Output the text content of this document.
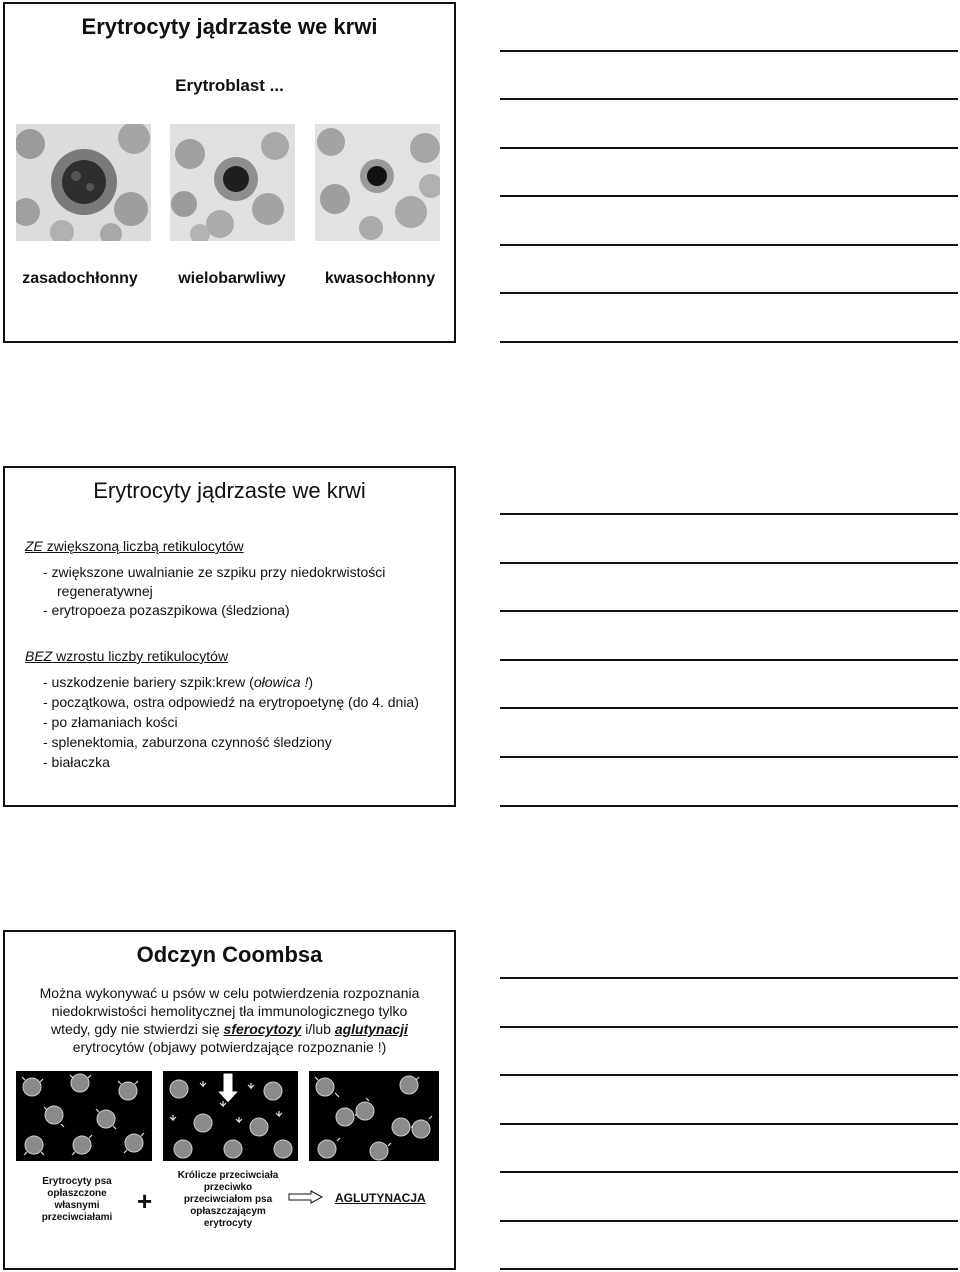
Erytrocyty jądrzaste we krwi
Erytroblast ...
zasadochłonny	wielobarwliwy	kwasochłonny
Erytrocyty jądrzaste we krwi
ZE zwiększoną liczbą retikulocytów
- zwiększone uwalnianie ze szpiku przy niedokrwistości
regeneratywnej
- erytropoeza pozaszpikowa (śledziona)
BEZ wzrostu liczby retikulocytów
- uszkodzenie bariery szpik:krew (ołowica !)
- początkowa, ostra odpowiedź na erytropoetynę (do 4. dnia)
- po złamaniach kości
- splenektomia, zaburzona czynność śledziony
- białaczka
Odczyn Coombsa
Można wykonywać u psów w celu potwierdzenia rozpoznania
niedokrwistości hemolitycznej tła immunologicznego tylko
wtedy, gdy nie stwierdzi się sferocytozy i/lub aglutynacji
erytrocytów (objawy potwierdzające rozpoznanie !)
Erytrocyty psa
opłaszczone
własnymi
przeciwciałami
+
Królicze przeciwciała
przeciwko
przeciwciałom psa
opłaszczającym
erytrocyty
AGLUTYNACJA
